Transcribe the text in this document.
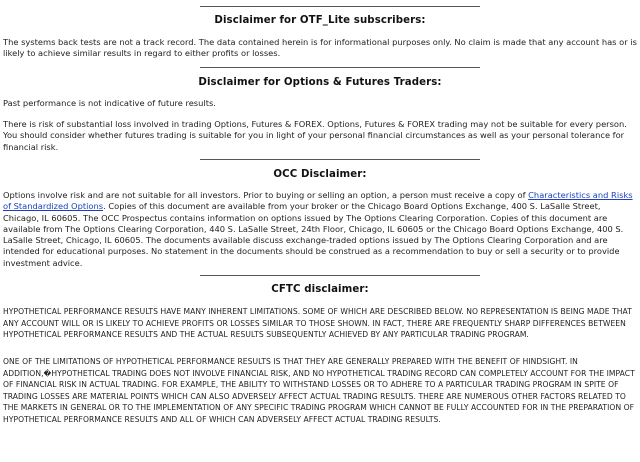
Disclaimer for OTF_Lite subscribers:

The systems back tests are not a track record. The data contained herein is for informational purposes only. No claim is made that any account has or is likely to achieve similar results in regard to either profits or losses.

Disclaimer for Options & Futures Traders:

Past performance is not indicative of future results.

There is risk of substantial loss involved in trading Options, Futures & FOREX. Options, Futures & FOREX trading may not be suitable for every person. You should consider whether futures trading is suitable for you in light of your personal financial circumstances as well as your personal tolerance for financial risk.

OCC Disclaimer:

Options involve risk and are not suitable for all investors. Prior to buying or selling an option, a person must receive a copy of Characteristics and Risks of Standardized Options. Copies of this document are available from your broker or the Chicago Board Options Exchange, 400 S. LaSalle Street, Chicago, IL 60605. The OCC Prospectus contains information on options issued by The Options Clearing Corporation. Copies of this document are available from The Options Clearing Corporation, 440 S. LaSalle Street, 24th Floor, Chicago, IL 60605 or the Chicago Board Options Exchange, 400 S. LaSalle Street, Chicago, IL 60605. The documents available discuss exchange-traded options issued by The Options Clearing Corporation and are intended for educational purposes. No statement in the documents should be construed as a recommendation to buy or sell a security or to provide investment advice.

CFTC disclaimer:

HYPOTHETICAL PERFORMANCE RESULTS HAVE MANY INHERENT LIMITATIONS. SOME OF WHICH ARE DESCRIBED BELOW. NO REPRESENTATION IS BEING MADE THAT ANY ACCOUNT WILL OR IS LIKELY TO ACHIEVE PROFITS OR LOSSES SIMILAR TO THOSE SHOWN. IN FACT, THERE ARE FREQUENTLY SHARP DIFFERENCES BETWEEN HYPOTHETICAL PERFORMANCE RESULTS AND THE ACTUAL RESULTS SUBSEQUENTLY ACHIEVED BY ANY PARTICULAR TRADING PROGRAM.

ONE OF THE LIMITATIONS OF HYPOTHETICAL PERFORMANCE RESULTS IS THAT THEY ARE GENERALLY PREPARED WITH THE BENEFIT OF HINDSIGHT. IN ADDITION,�HYPOTHETICAL TRADING DOES NOT INVOLVE FINANCIAL RISK, AND NO HYPOTHETICAL TRADING RECORD CAN COMPLETELY ACCOUNT FOR THE IMPACT OF FINANCIAL RISK IN ACTUAL TRADING. FOR EXAMPLE, THE ABILITY TO WITHSTAND LOSSES OR TO ADHERE TO A PARTICULAR TRADING PROGRAM IN SPITE OF TRADING LOSSES ARE MATERIAL POINTS WHICH CAN ALSO ADVERSELY AFFECT ACTUAL TRADING RESULTS. THERE ARE NUMEROUS OTHER FACTORS RELATED TO THE MARKETS IN GENERAL OR TO THE IMPLEMENTATION OF ANY SPECIFIC TRADING PROGRAM WHICH CANNOT BE FULLY ACCOUNTED FOR IN THE PREPARATION OF HYPOTHETICAL PERFORMANCE RESULTS AND ALL OF WHICH CAN ADVERSELY AFFECT ACTUAL TRADING RESULTS.
